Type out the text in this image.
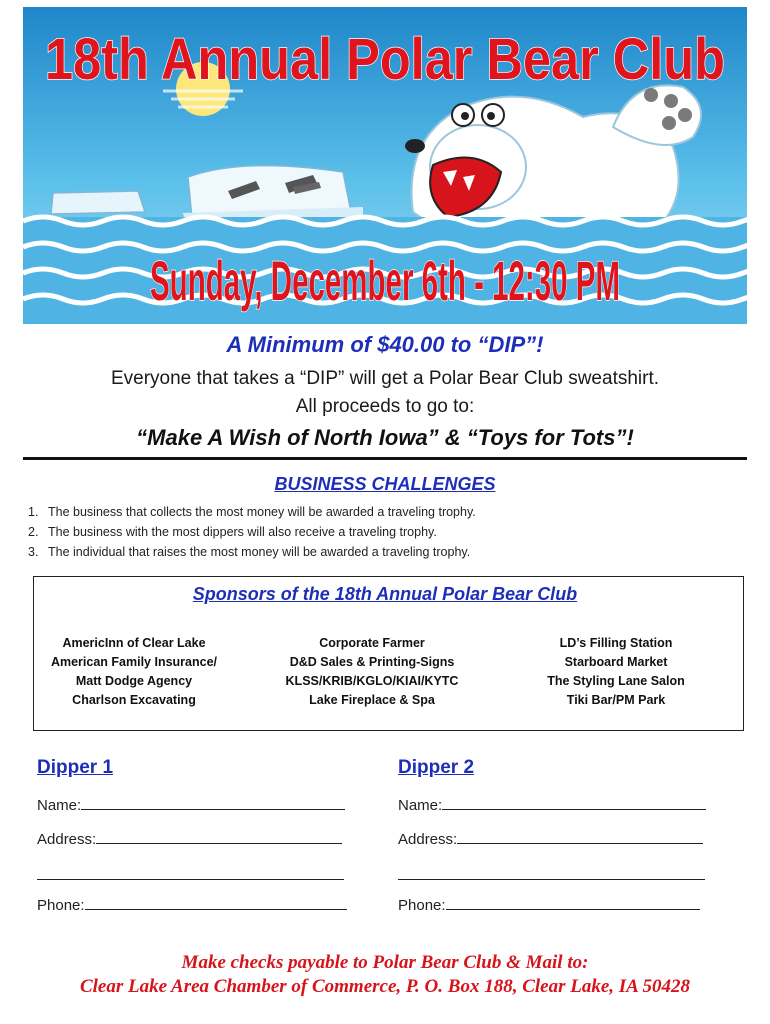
18th Annual Polar Bear Club
Sunday, December 6th - 12:30 PM
A Minimum of $40.00 to “DIP”!
Everyone that takes a “DIP” will get a Polar Bear Club sweatshirt.
All proceeds to go to:
“Make A Wish of North Iowa” & “Toys for Tots”!
BUSINESS CHALLENGES
1. The business that collects the most money will be awarded a traveling trophy.
2. The business with the most dippers will also receive a traveling trophy.
3. The individual that raises the most money will be awarded a traveling trophy.
Sponsors of the 18th Annual Polar Bear Club
AmericInn of Clear Lake
American Family Insurance/
Matt Dodge Agency
Charlson Excavating
Corporate Farmer
D&D Sales & Printing-Signs
KLSS/KRIB/KGLO/KIAI/KYTC
Lake Fireplace & Spa
LD’s Filling Station
Starboard Market
The Styling Lane Salon
Tiki Bar/PM Park
Dipper 1
Name:
Address:
Phone:
Dipper 2
Name:
Address:
Phone:
Make checks payable to Polar Bear Club & Mail to:
Clear Lake Area Chamber of Commerce, P. O. Box 188, Clear Lake, IA 50428
